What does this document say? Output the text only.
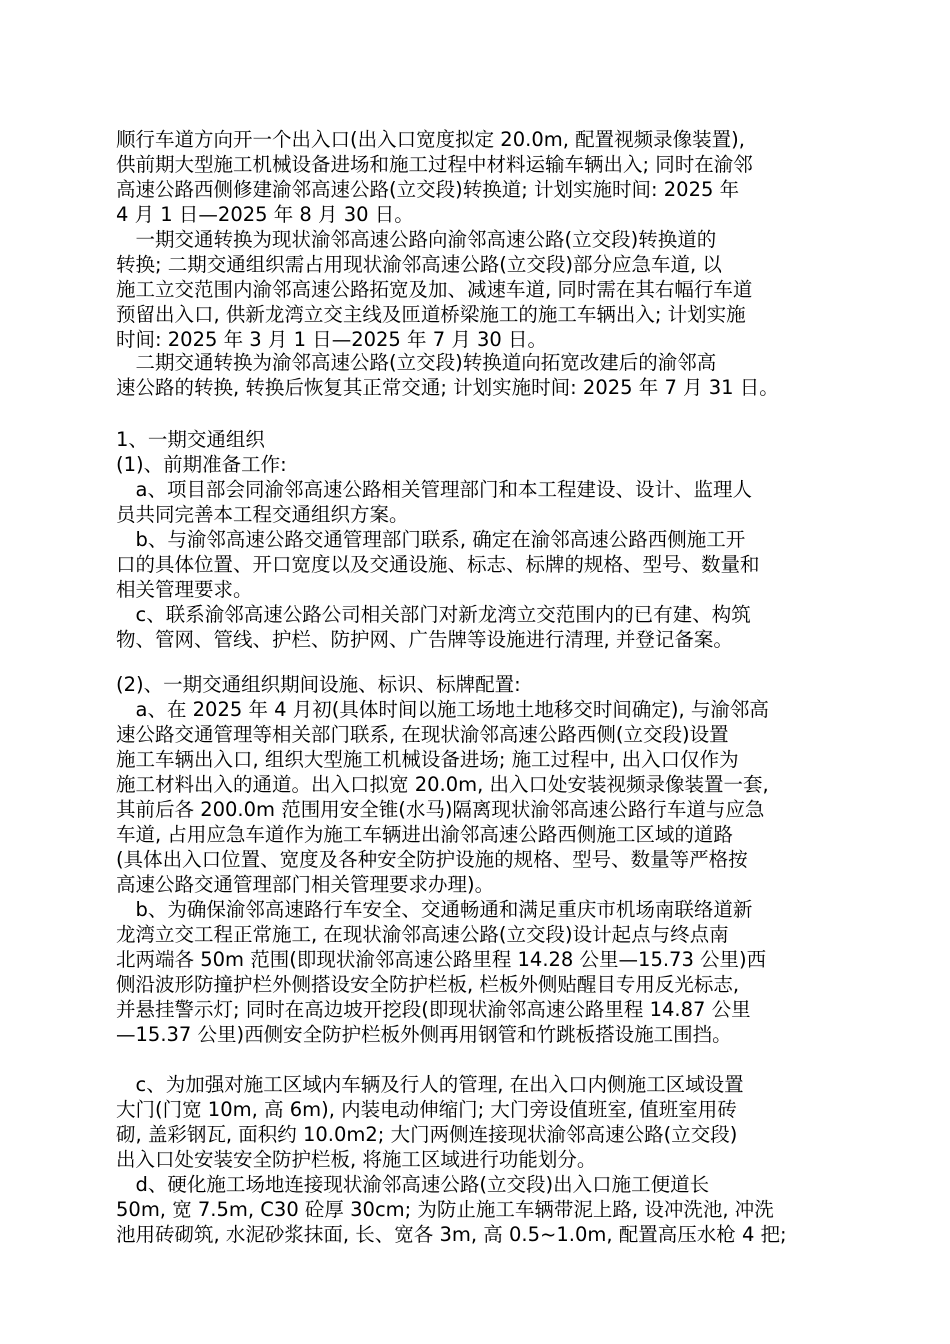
顺行车道方向开一个出入口(出入口宽度拟定 20.0m, 配置视频录像装置),
供前期大型施工机械设备进场和施工过程中材料运输车辆出入; 同时在渝邻
高速公路西侧修建渝邻高速公路(立交段)转换道; 计划实施时间: 2025 年
4 月 1 日—2025 年 8 月 30 日。
　一期交通转换为现状渝邻高速公路向渝邻高速公路(立交段)转换道的
转换; 二期交通组织需占用现状渝邻高速公路(立交段)部分应急车道, 以
施工立交范围内渝邻高速公路拓宽及加、减速车道, 同时需在其右幅行车道
预留出入口, 供新龙湾立交主线及匝道桥梁施工的施工车辆出入; 计划实施
时间: 2025 年 3 月 1 日—2025 年 7 月 30 日。
　二期交通转换为渝邻高速公路(立交段)转换道向拓宽改建后的渝邻高
速公路的转换, 转换后恢复其正常交通; 计划实施时间: 2025 年 7 月 31 日。
1、一期交通组织
(1)、前期准备工作:
　a、项目部会同渝邻高速公路相关管理部门和本工程建设、设计、监理人
员共同完善本工程交通组织方案。
　b、与渝邻高速公路交通管理部门联系, 确定在渝邻高速公路西侧施工开
口的具体位置、开口宽度以及交通设施、标志、标牌的规格、型号、数量和
相关管理要求。
　c、联系渝邻高速公路公司相关部门对新龙湾立交范围内的已有建、构筑
物、管网、管线、护栏、防护网、广告牌等设施进行清理, 并登记备案。
(2)、一期交通组织期间设施、标识、标牌配置:
　a、在 2025 年 4 月初(具体时间以施工场地土地移交时间确定), 与渝邻高
速公路交通管理等相关部门联系, 在现状渝邻高速公路西侧(立交段)设置
施工车辆出入口, 组织大型施工机械设备进场; 施工过程中, 出入口仅作为
施工材料出入的通道。出入口拟宽 20.0m, 出入口处安装视频录像装置一套,
其前后各 200.0m 范围用安全锥(水马)隔离现状渝邻高速公路行车道与应急
车道, 占用应急车道作为施工车辆进出渝邻高速公路西侧施工区域的道路
(具体出入口位置、宽度及各种安全防护设施的规格、型号、数量等严格按
高速公路交通管理部门相关管理要求办理)。
　b、为确保渝邻高速路行车安全、交通畅通和满足重庆市机场南联络道新
龙湾立交工程正常施工, 在现状渝邻高速公路(立交段)设计起点与终点南
北两端各 50m 范围(即现状渝邻高速公路里程 14.28 公里—15.73 公里)西
侧沿波形防撞护栏外侧搭设安全防护栏板, 栏板外侧贴醒目专用反光标志,
并悬挂警示灯; 同时在高边坡开挖段(即现状渝邻高速公路里程 14.87 公里
—15.37 公里)西侧安全防护栏板外侧再用钢管和竹跳板搭设施工围挡。
　c、为加强对施工区域内车辆及行人的管理, 在出入口内侧施工区域设置
大门(门宽 10m, 高 6m), 内装电动伸缩门; 大门旁设值班室, 值班室用砖
砌, 盖彩钢瓦, 面积约 10.0m2; 大门两侧连接现状渝邻高速公路(立交段)
出入口处安装安全防护栏板, 将施工区域进行功能划分。
　d、硬化施工场地连接现状渝邻高速公路(立交段)出入口施工便道长
50m, 宽 7.5m, C30 砼厚 30cm; 为防止施工车辆带泥上路, 设冲洗池, 冲洗
池用砖砌筑, 水泥砂浆抹面, 长、宽各 3m, 高 0.5~1.0m, 配置高压水枪 4 把;
